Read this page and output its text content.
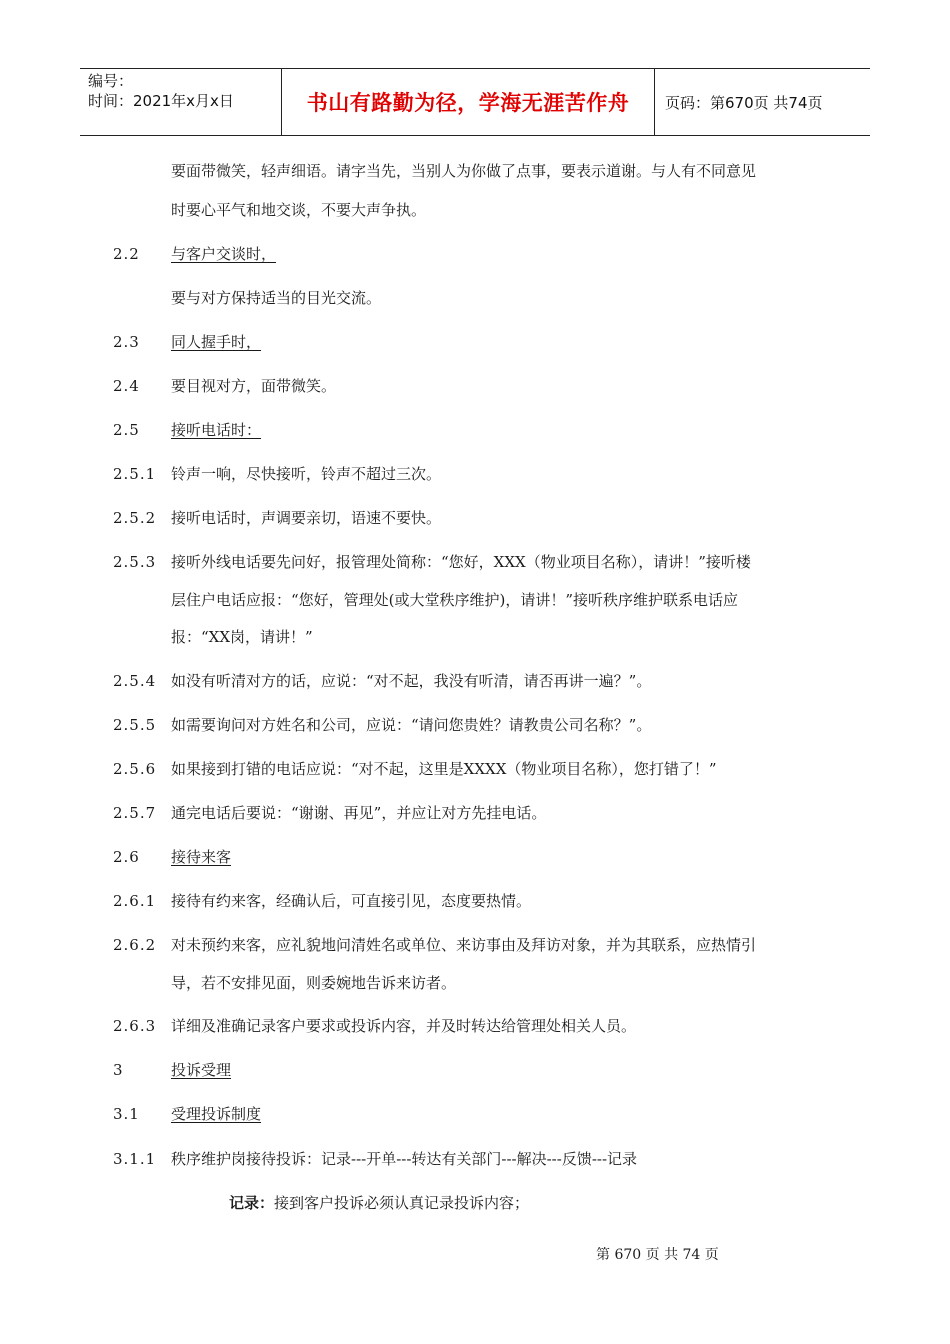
编号：
时间：2021年x月x日	书山有路勤为径，学海无涯苦作舟	页码：第670页 共74页
要面带微笑，轻声细语。请字当先，当别人为你做了点事，要表示道谢。与人有不同意见
时要心平气和地交谈，不要大声争执。
2.2 与客户交谈时，
要与对方保持适当的目光交流。
2.3 同人握手时，
2.4 要目视对方，面带微笑。
2.5 接听电话时：
2.5.1 铃声一响，尽快接听，铃声不超过三次。
2.5.2 接听电话时，声调要亲切，语速不要快。
2.5.3 接听外线电话要先问好，报管理处简称：“您好，XXX（物业项目名称），请讲！”接听楼
层住户电话应报：“您好，管理处(或大堂秩序维护)，请讲！”接听秩序维护联系电话应
报：“XX岗，请讲！”
2.5.4 如没有听清对方的话，应说：“对不起，我没有听清，请否再讲一遍？”。
2.5.5 如需要询问对方姓名和公司，应说：“请问您贵姓？请教贵公司名称？”。
2.5.6 如果接到打错的电话应说：“对不起，这里是XXXX（物业项目名称），您打错了！”
2.5.7 通完电话后要说：“谢谢、再见”，并应让对方先挂电话。
2.6 接待来客
2.6.1 接待有约来客，经确认后，可直接引见，态度要热情。
2.6.2 对未预约来客，应礼貌地问清姓名或单位、来访事由及拜访对象，并为其联系，应热情引
导，若不安排见面，则委婉地告诉来访者。
2.6.3 详细及准确记录客户要求或投诉内容，并及时转达给管理处相关人员。
3	投诉受理
3.1 受理投诉制度
3.1.1 秩序维护岗接待投诉：记录---开单---转达有关部门---解决---反馈---记录
记录：接到客户投诉必须认真记录投诉内容；
第 670 页 共 74 页
